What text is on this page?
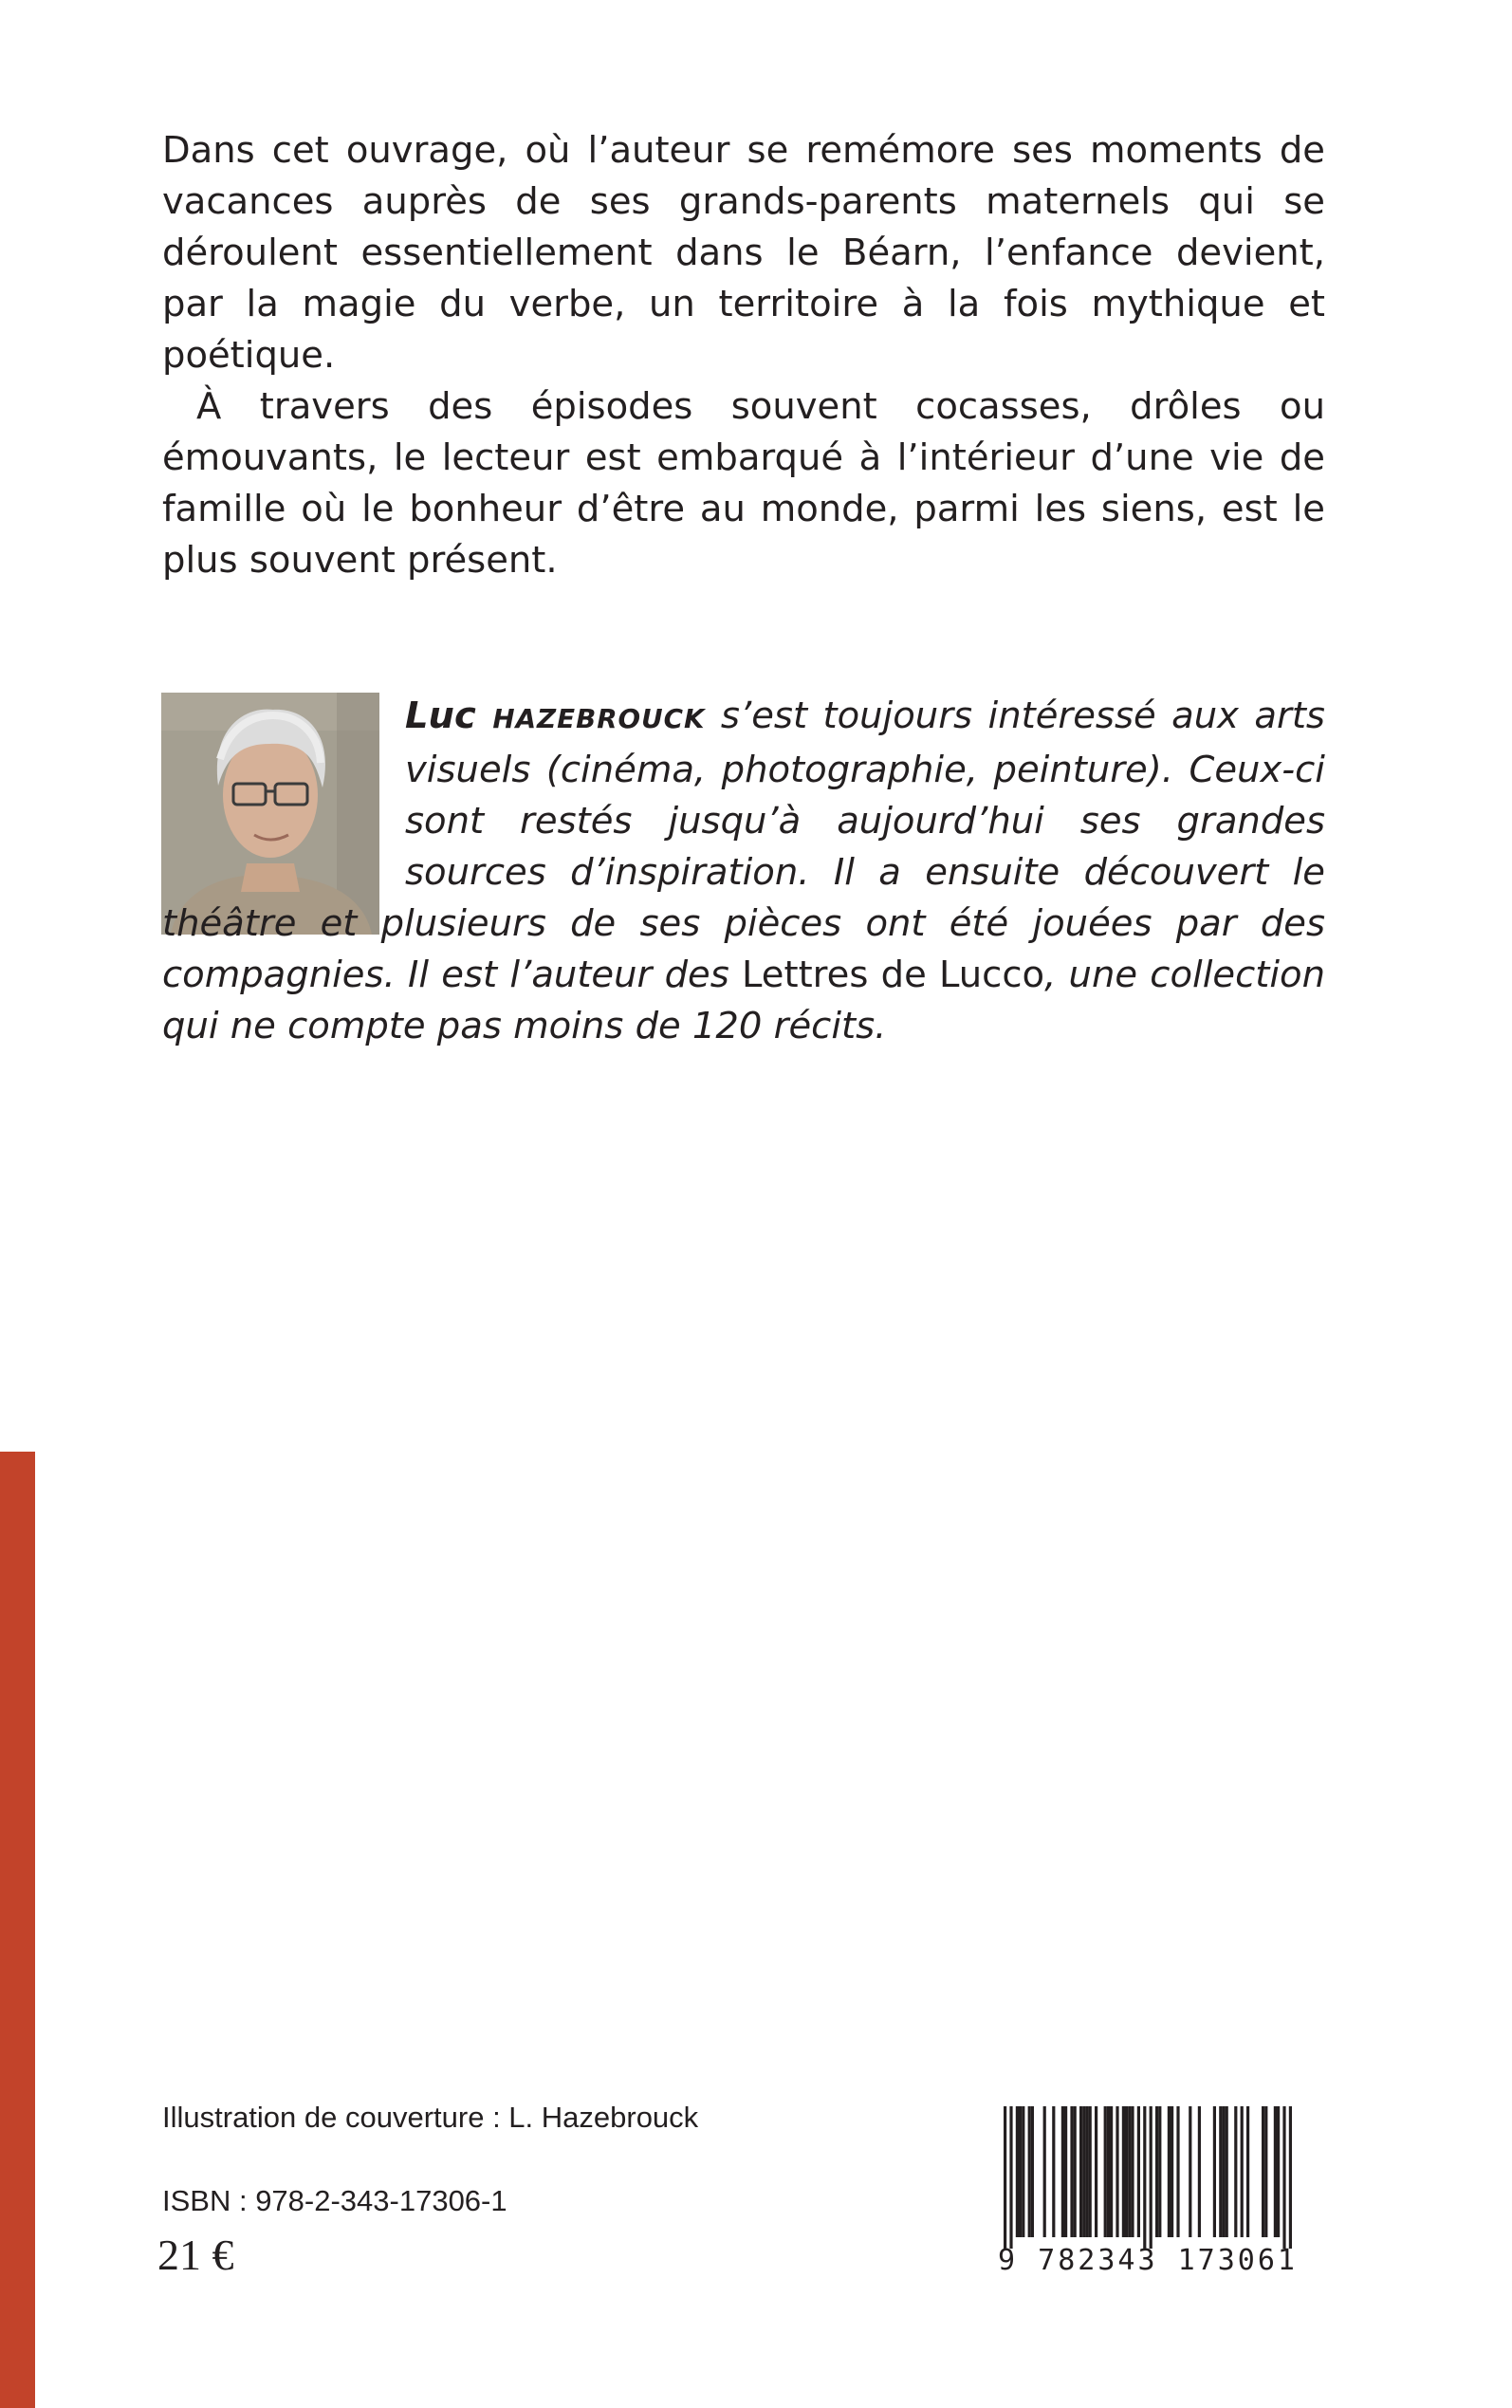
Dans cet ouvrage, où l’auteur se remémore ses moments de vacances auprès de ses grands-parents maternels qui se déroulent essentiellement dans le Béarn, l’enfance devient, par la magie du verbe, un territoire à la fois mythique et poétique.

À travers des épisodes souvent cocasses, drôles ou émouvants, le lecteur est embarqué à l’intérieur d’une vie de famille où le bonheur d’être au monde, parmi les siens, est le plus souvent présent.

Luc HAZEBROUCK s’est toujours intéressé aux arts visuels (cinéma, photographie, peinture). Ceux-ci sont restés jusqu’à aujourd’hui ses grandes sources d’inspiration. Il a ensuite découvert le théâtre et plusieurs de ses pièces ont été jouées par des compagnies. Il est l’auteur des Lettres de Lucco, une collection qui ne compte pas moins de 120 récits.

Illustration de couverture : L. Hazebrouck

ISBN : 978-2-343-17306-1

21 €	9 782343 173061
